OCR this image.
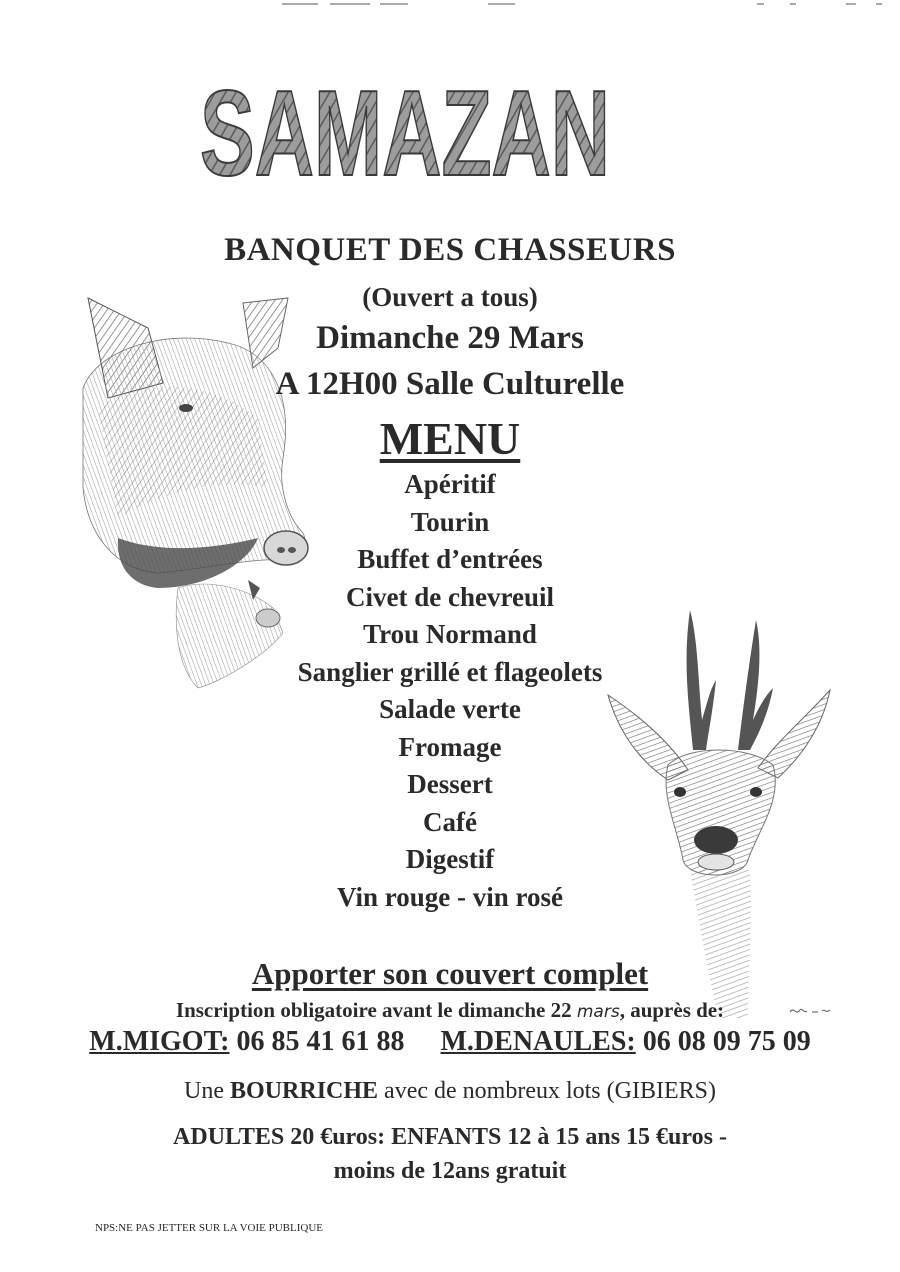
SAMAZAN
BANQUET DES CHASSEURS
(Ouvert a tous)
Dimanche 29 Mars
A 12H00 Salle Culturelle
MENU
Apéritif
Tourin
Buffet d’entrées
Civet de chevreuil
Trou Normand
Sanglier grillé et flageolets
Salade verte
Fromage
Dessert
Café
Digestif
Vin rouge - vin rosé
Apporter son couvert complet
Inscription obligatoire avant le dimanche 22 mars, auprès de:
M.MIGOT: 06 85 41 61 88 M.DENAULES: 06 08 09 75 09
Une BOURRICHE avec de nombreux lots (GIBIERS)
ADULTES 20 €uros: ENFANTS 12 à 15 ans 15 €uros -
moins de 12ans gratuit
NPS:NE PAS JETTER SUR LA VOIE PUBLIQUE
